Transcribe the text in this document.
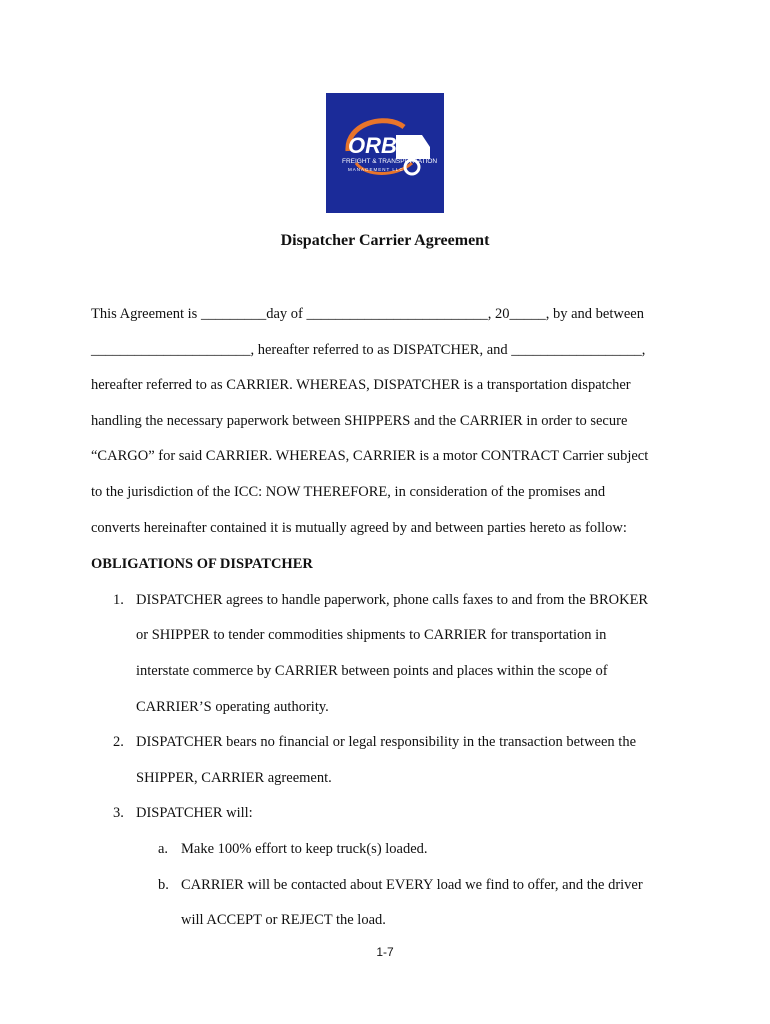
ORB
FREIGHT & TRANSPORTATION
MANAGEMENT LLC
Dispatcher Carrier Agreement
This Agreement is _________day of _________________________, 20_____, by and between
______________________, hereafter referred to as DISPATCHER, and __________________,
hereafter referred to as CARRIER. WHEREAS, DISPATCHER is a transportation dispatcher
handling the necessary paperwork between SHIPPERS and the CARRIER in order to secure
“CARGO” for said CARRIER. WHEREAS, CARRIER is a motor CONTRACT Carrier subject
to the jurisdiction of the ICC: NOW THEREFORE, in consideration of the promises and
converts hereinafter contained it is mutually agreed by and between parties hereto as follow:
OBLIGATIONS OF DISPATCHER
1. DISPATCHER agrees to handle paperwork, phone calls faxes to and from the BROKER
or SHIPPER to tender commodities shipments to CARRIER for transportation in
interstate commerce by CARRIER between points and places within the scope of
CARRIER’S operating authority.
2. DISPATCHER bears no financial or legal responsibility in the transaction between the
SHIPPER, CARRIER agreement.
3. DISPATCHER will:
a. Make 100% effort to keep truck(s) loaded.
b. CARRIER will be contacted about EVERY load we find to offer, and the driver
will ACCEPT or REJECT the load.
1-7
